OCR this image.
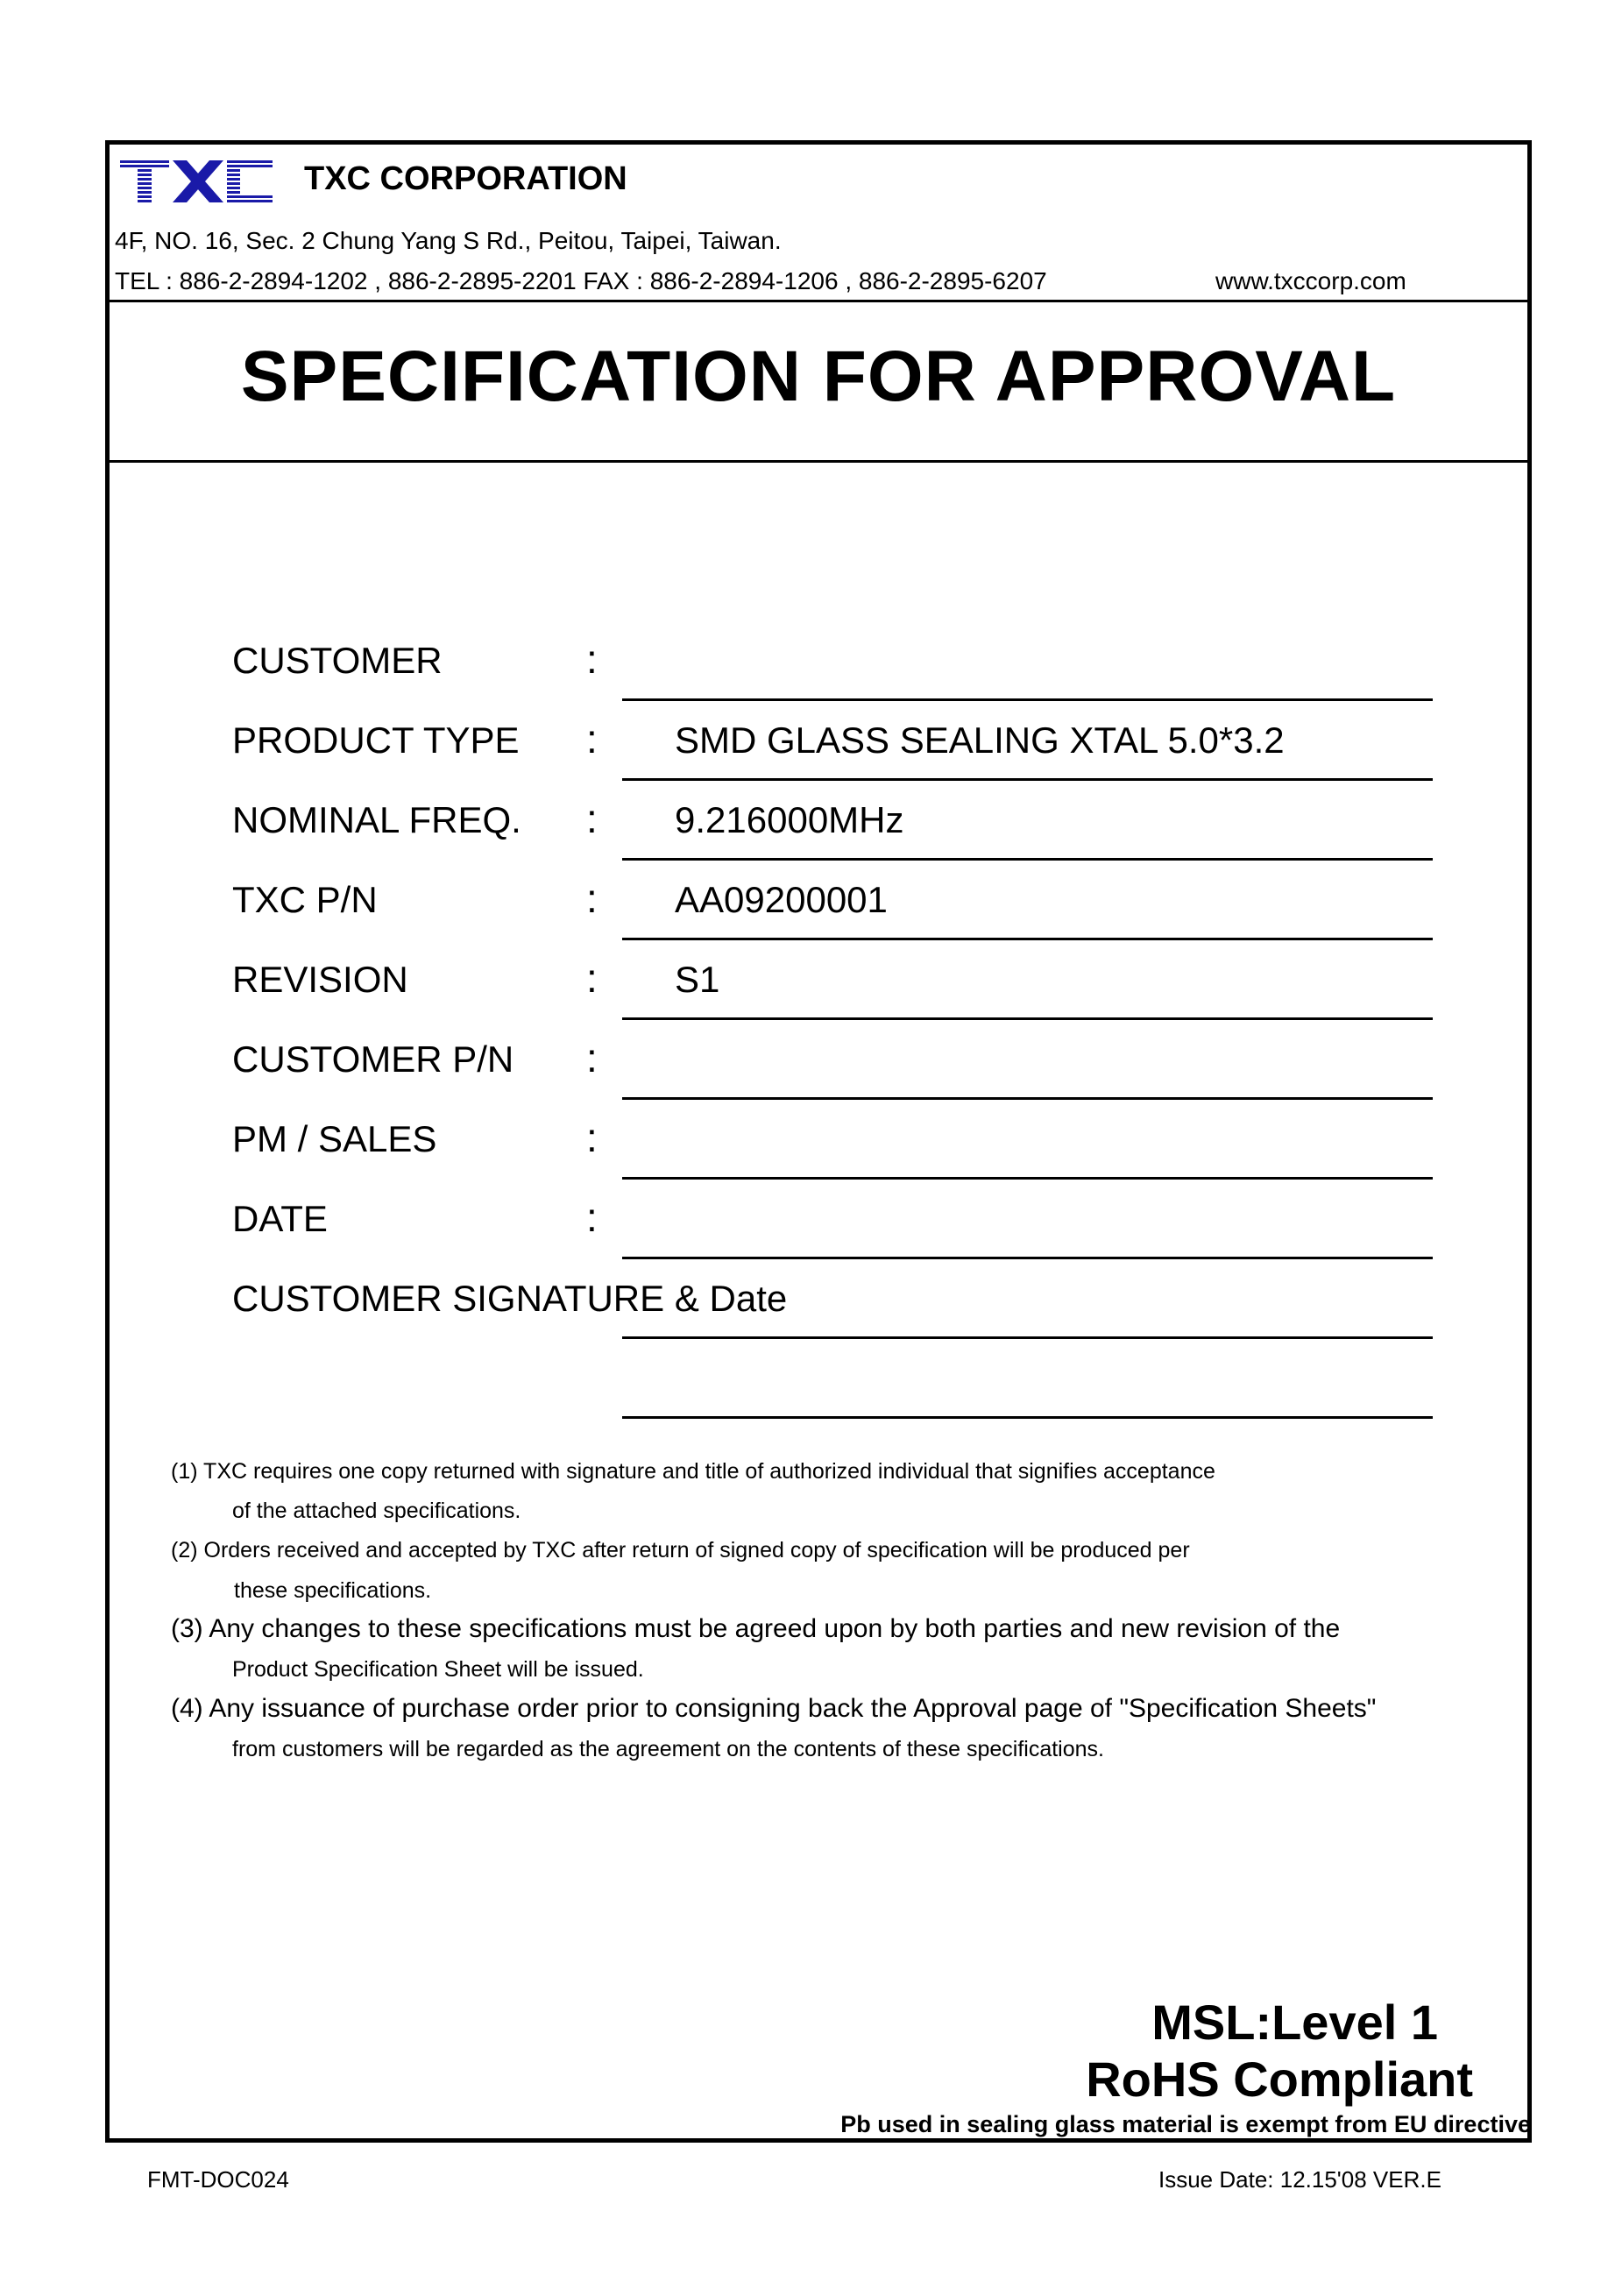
TXC CORPORATION
4F, NO. 16, Sec. 2 Chung Yang S Rd., Peitou, Taipei, Taiwan.
TEL : 886-2-2894-1202 , 886-2-2895-2201 FAX : 886-2-2894-1206 , 886-2-2895-6207	www.txccorp.com
SPECIFICATION FOR APPROVAL
CUSTOMER	:
PRODUCT TYPE : SMD GLASS SEALING XTAL 5.0*3.2
NOMINAL FREQ. : 9.216000MHz
TXC P/N	: AA09200001
REVISION	: S1
CUSTOMER P/N :
PM / SALES	:
DATE	:
CUSTOMER SIGNATURE & Date
(1) TXC requires one copy returned with signature and title of authorized individual that signifies acceptance
of the attached specifications.
(2) Orders received and accepted by TXC after return of signed copy of specification will be produced per
these specifications.
(3) Any changes to these specifications must be agreed upon by both parties and new revision of the
Product Specification Sheet will be issued.
(4) Any issuance of purchase order prior to consigning back the Approval page of "Specification Sheets"
from customers will be regarded as the agreement on the contents of these specifications.
MSL:Level 1
RoHS Compliant
Pb used in sealing glass material is exempt from EU directive
FMT-DOC024	Issue Date: 12.15'08 VER.E
